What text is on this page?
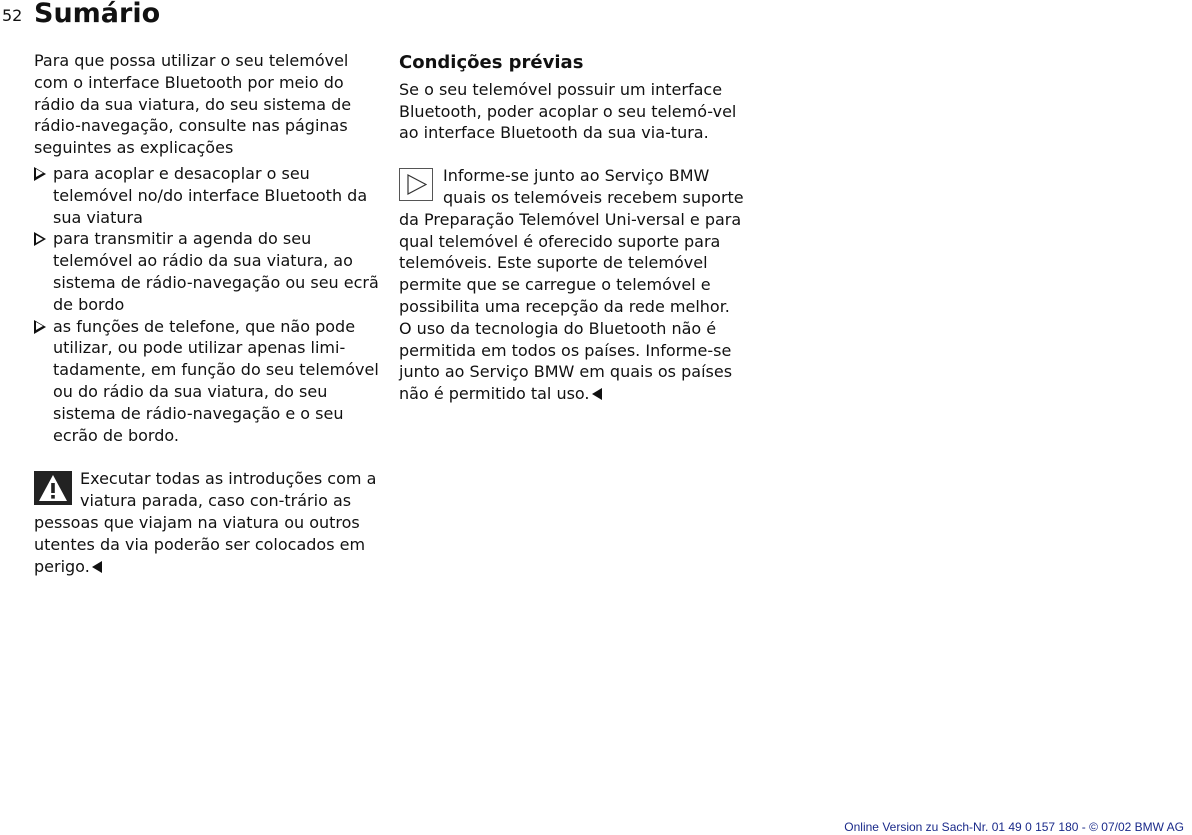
52 Sumário

Para que possa utilizar o seu telemóvel com o interface Bluetooth por meio do rádio da sua viatura, do seu sistema de rádio-navegação, consulte nas páginas seguintes as explicações

para acoplar e desacoplar o seu telemóvel no/do interface Bluetooth da sua viatura
para transmitir a agenda do seu telemóvel ao rádio da sua viatura, ao sistema de rádio-navegação ou seu ecrã de bordo
as funções de telefone, que não pode utilizar, ou pode utilizar apenas limi-tadamente, em função do seu telemóvel ou do rádio da sua viatura, do seu sistema de rádio-navegação e o seu ecrão de bordo.
Executar todas as introduções com a viatura parada, caso con-trário as pessoas que viajam na viatura ou outros utentes da via poderão ser colocados em perigo.
Condições prévias

Se o seu telemóvel possuir um interface Bluetooth, poder acoplar o seu telemó-vel ao interface Bluetooth da sua via-tura.

Informe-se junto ao Serviço BMW quais os telemóveis recebem suporte da Preparação Telemóvel Uni-versal e para qual telemóvel é oferecido suporte para telemóveis. Este suporte de telemóvel permite que se carregue o telemóvel e possibilita uma recepção da rede melhor.

O uso da tecnologia do Bluetooth não é permitida em todos os países. Informe-se junto ao Serviço BMW em quais os países não é permitido tal uso.

Online Version zu Sach-Nr. 01 49 0 157 180 - © 07/02 BMW AG
